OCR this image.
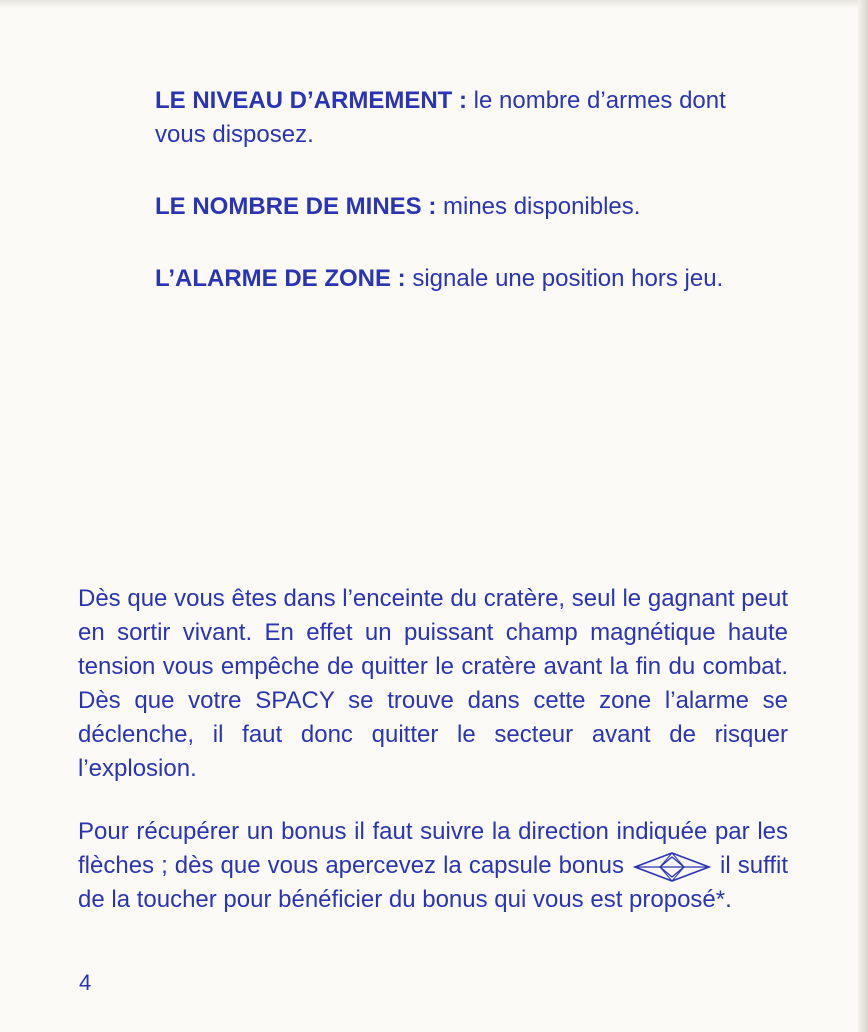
LE NIVEAU D’ARMEMENT : le nombre d’armes dont vous disposez.

LE NOMBRE DE MINES : mines disponibles.

L’ALARME DE ZONE : signale une position hors jeu.

Dès que vous êtes dans l’enceinte du cratère, seul le gagnant peut en sortir vivant. En effet un puissant champ magnétique haute tension vous empêche de quitter le cratère avant la fin du combat. Dès que votre SPACY se trouve dans cette zone l’alarme se déclenche, il faut donc quitter le secteur avant de risquer l’explosion.

Pour récupérer un bonus il faut suivre la direction indiquée par les flèches ; dès que vous apercevez la capsule bonus	il suffit de la toucher pour bénéficier du bonus qui vous est proposé*.

4
